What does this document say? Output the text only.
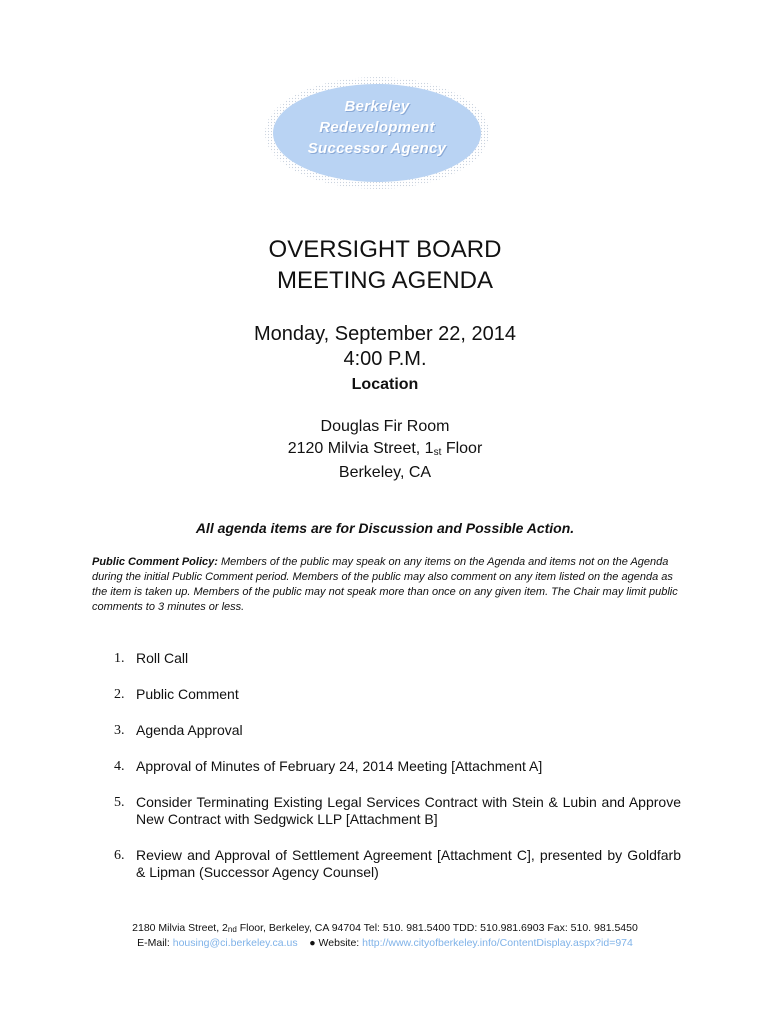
Berkeley
Redevelopment
Successor Agency
OVERSIGHT BOARD
MEETING AGENDA
Monday, September 22, 2014
4:00 P.M.
Location
Douglas Fir Room
2120 Milvia Street, $1_{st}$ Floor
Berkeley, CA
All agenda items are for Discussion and Possible Action.
Public Comment Policy: Members of the public may speak on any items on the Agenda and items not on the Agenda during the initial Public Comment period. Members of the public may also comment on any item listed on the agenda as the item is taken up. Members of the public may not speak more than once on any given item. The Chair may limit public comments to 3 minutes or less.
1. Roll Call
2. Public Comment
3. Agenda Approval
4. Approval of Minutes of February 24, 2014 Meeting [Attachment A]
5. Consider Terminating Existing Legal Services Contract with Stein & Lubin and Approve New Contract with Sedgwick LLP [Attachment B]
6. Review and Approval of Settlement Agreement [Attachment C], presented by Goldfarb & Lipman (Successor Agency Counsel)
2180 Milvia Street, $2_{nd}$ Floor, Berkeley, CA 94704 Tel: 510. 981.5400 TDD: 510.981.6903 Fax: 510. 981.5450
E-Mail: housing@ci.berkeley.ca.us ● Website: http://www.cityofberkeley.info/ContentDisplay.aspx?id=974
